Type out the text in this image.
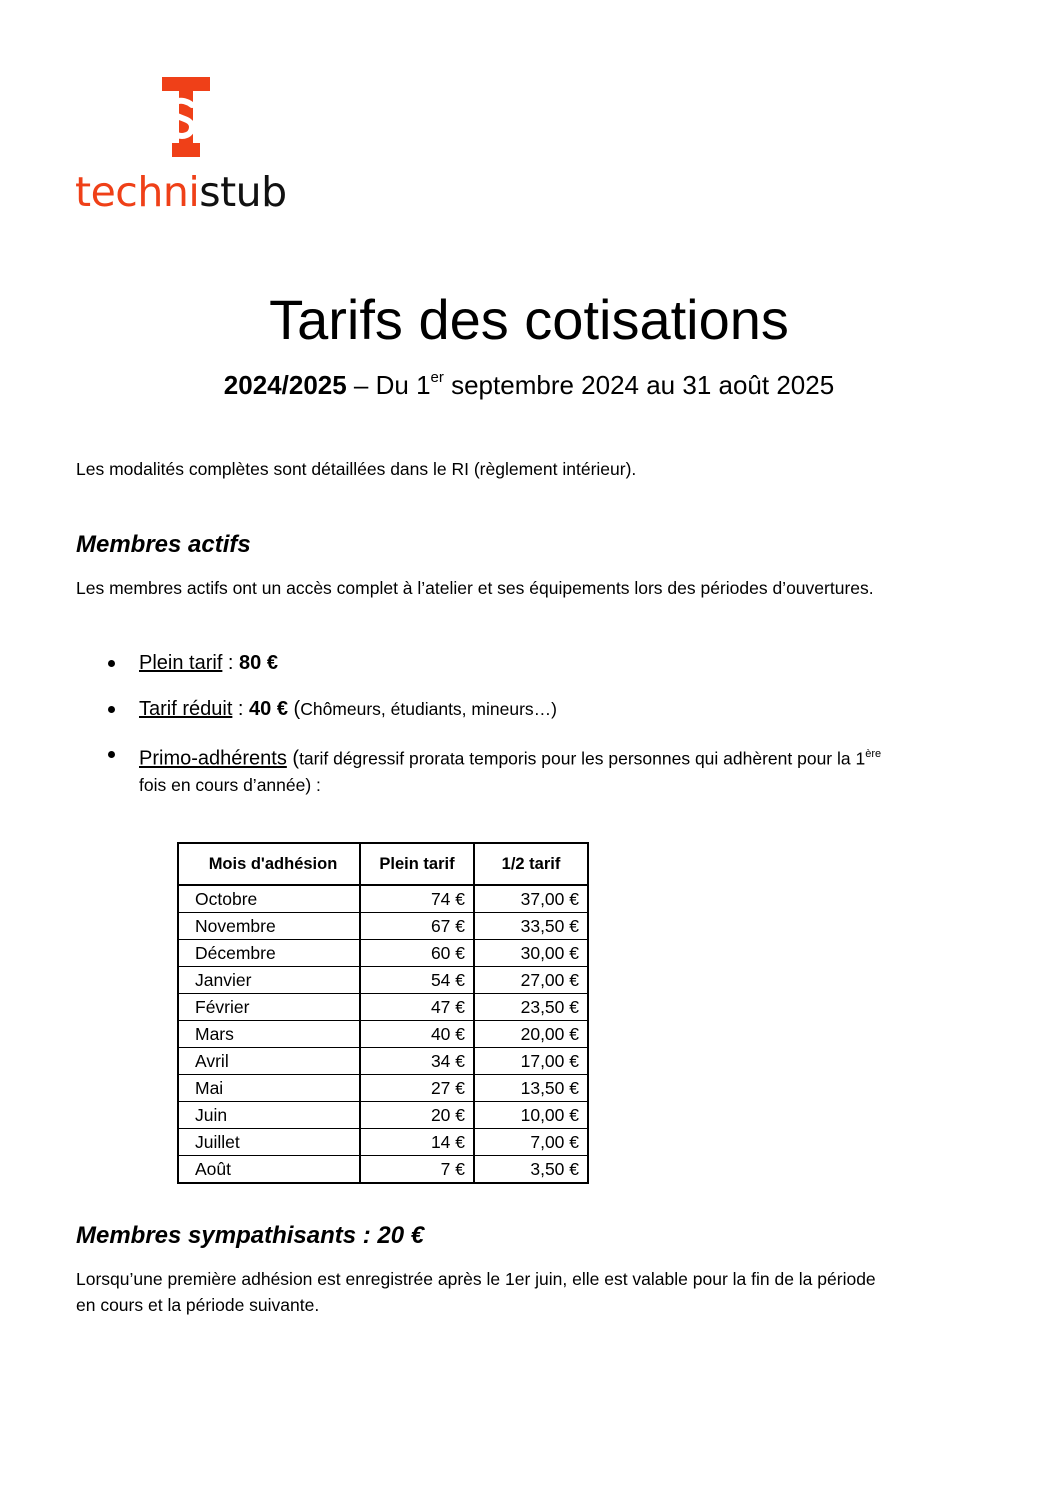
technistub
Tarifs des cotisations
2024/2025 – Du 1er septembre 2024 au 31 août 2025
Les modalités complètes sont détaillées dans le RI (règlement intérieur).
Membres actifs
Les membres actifs ont un accès complet à l’atelier et ses équipements lors des périodes d’ouvertures.
Plein tarif : 80 €
Tarif réduit : 40 € (Chômeurs, étudiants, mineurs…)
Primo-adhérents (tarif dégressif prorata temporis pour les personnes qui adhèrent pour la 1ère
fois en cours d’année) :
Mois d'adhésion	Plein tarif	1/2 tarif
Octobre	74 €	37,00 €
Novembre	67 €	33,50 €
Décembre	60 €	30,00 €
Janvier	54 €	27,00 €
Février	47 €	23,50 €
Mars	40 €	20,00 €
Avril	34 €	17,00 €
Mai	27 €	13,50 €
Juin	20 €	10,00 €
Juillet	14 €	7,00 €
Août	7 €	3,50 €
Membres sympathisants : 20 €
Lorsqu’une première adhésion est enregistrée après le 1er juin, elle est valable pour la fin de la période
en cours et la période suivante.
